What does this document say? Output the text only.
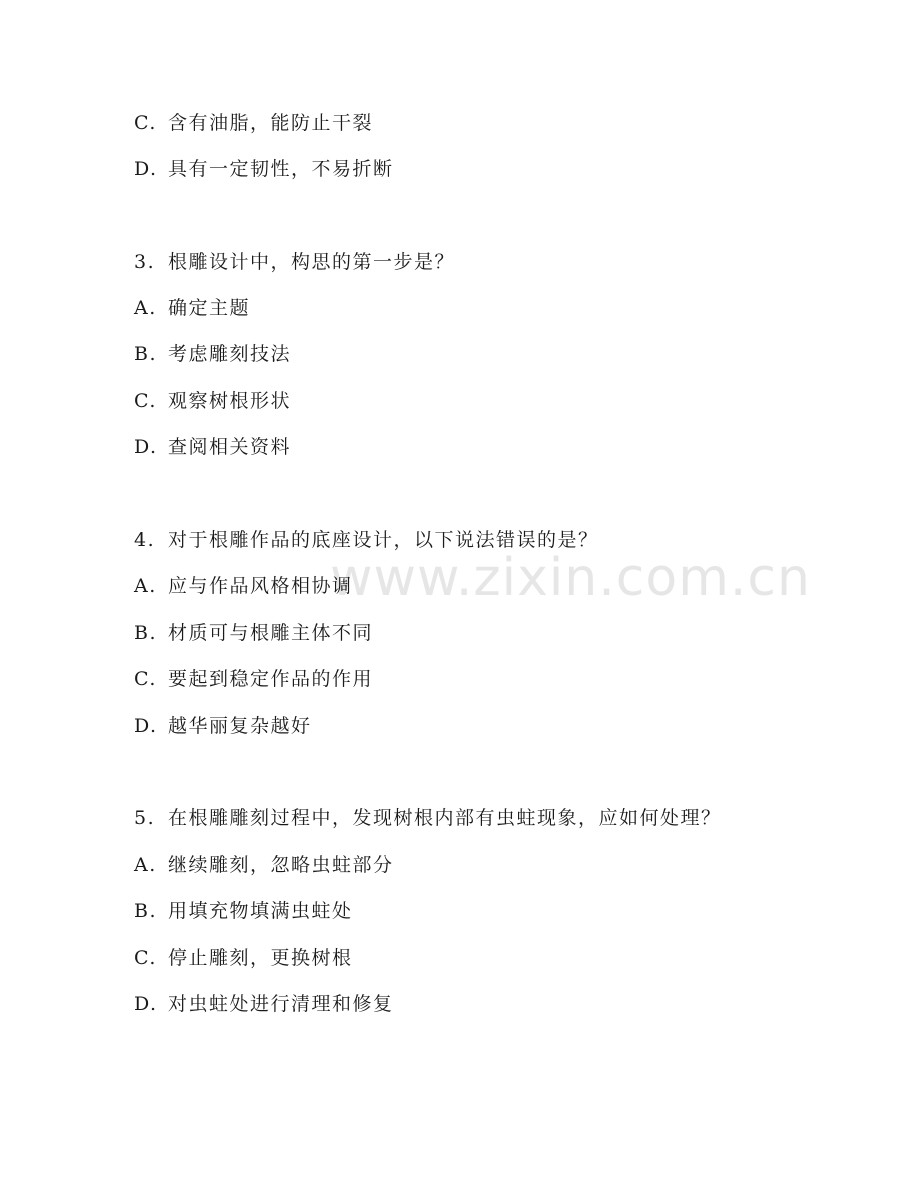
www.zixin.com.cn
C. 含有油脂，能防止干裂
D. 具有一定韧性，不易折断
3. 根雕设计中，构思的第一步是？
A. 确定主题
B. 考虑雕刻技法
C. 观察树根形状
D. 查阅相关资料
4. 对于根雕作品的底座设计，以下说法错误的是？
A. 应与作品风格相协调
B. 材质可与根雕主体不同
C. 要起到稳定作品的作用
D. 越华丽复杂越好
5. 在根雕雕刻过程中，发现树根内部有虫蛀现象，应如何处理？
A. 继续雕刻，忽略虫蛀部分
B. 用填充物填满虫蛀处
C. 停止雕刻，更换树根
D. 对虫蛀处进行清理和修复
